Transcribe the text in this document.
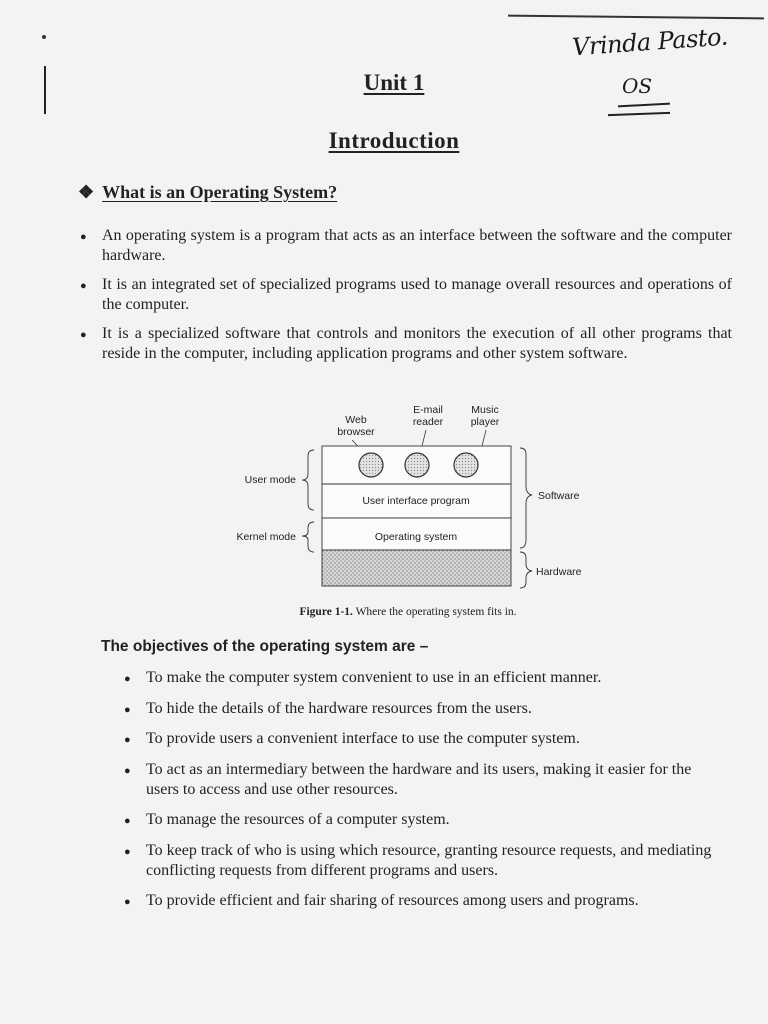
Vrinda Pasto.
OS
Unit 1
Introduction
❖ What is an Operating System?
● An operating system is a program that acts as an interface between the software and the computer hardware.
● It is an integrated set of specialized programs used to manage overall resources and operations of the computer.
● It is a specialized software that controls and monitors the execution of all other programs that reside in the computer, including application programs and other system software.
Web
browser
E-mail
reader
Music
player
User interface program
Operating system
User mode
Kernel mode
Software
Hardware
Figure 1-1. Where the operating system fits in.
The objectives of the operating system are –
● To make the computer system convenient to use in an efficient manner.
● To hide the details of the hardware resources from the users.
● To provide users a convenient interface to use the computer system.
● To act as an intermediary between the hardware and its users, making it easier for the users to access and use other resources.
● To manage the resources of a computer system.
● To keep track of who is using which resource, granting resource requests, and mediating conflicting requests from different programs and users.
● To provide efficient and fair sharing of resources among users and programs.
